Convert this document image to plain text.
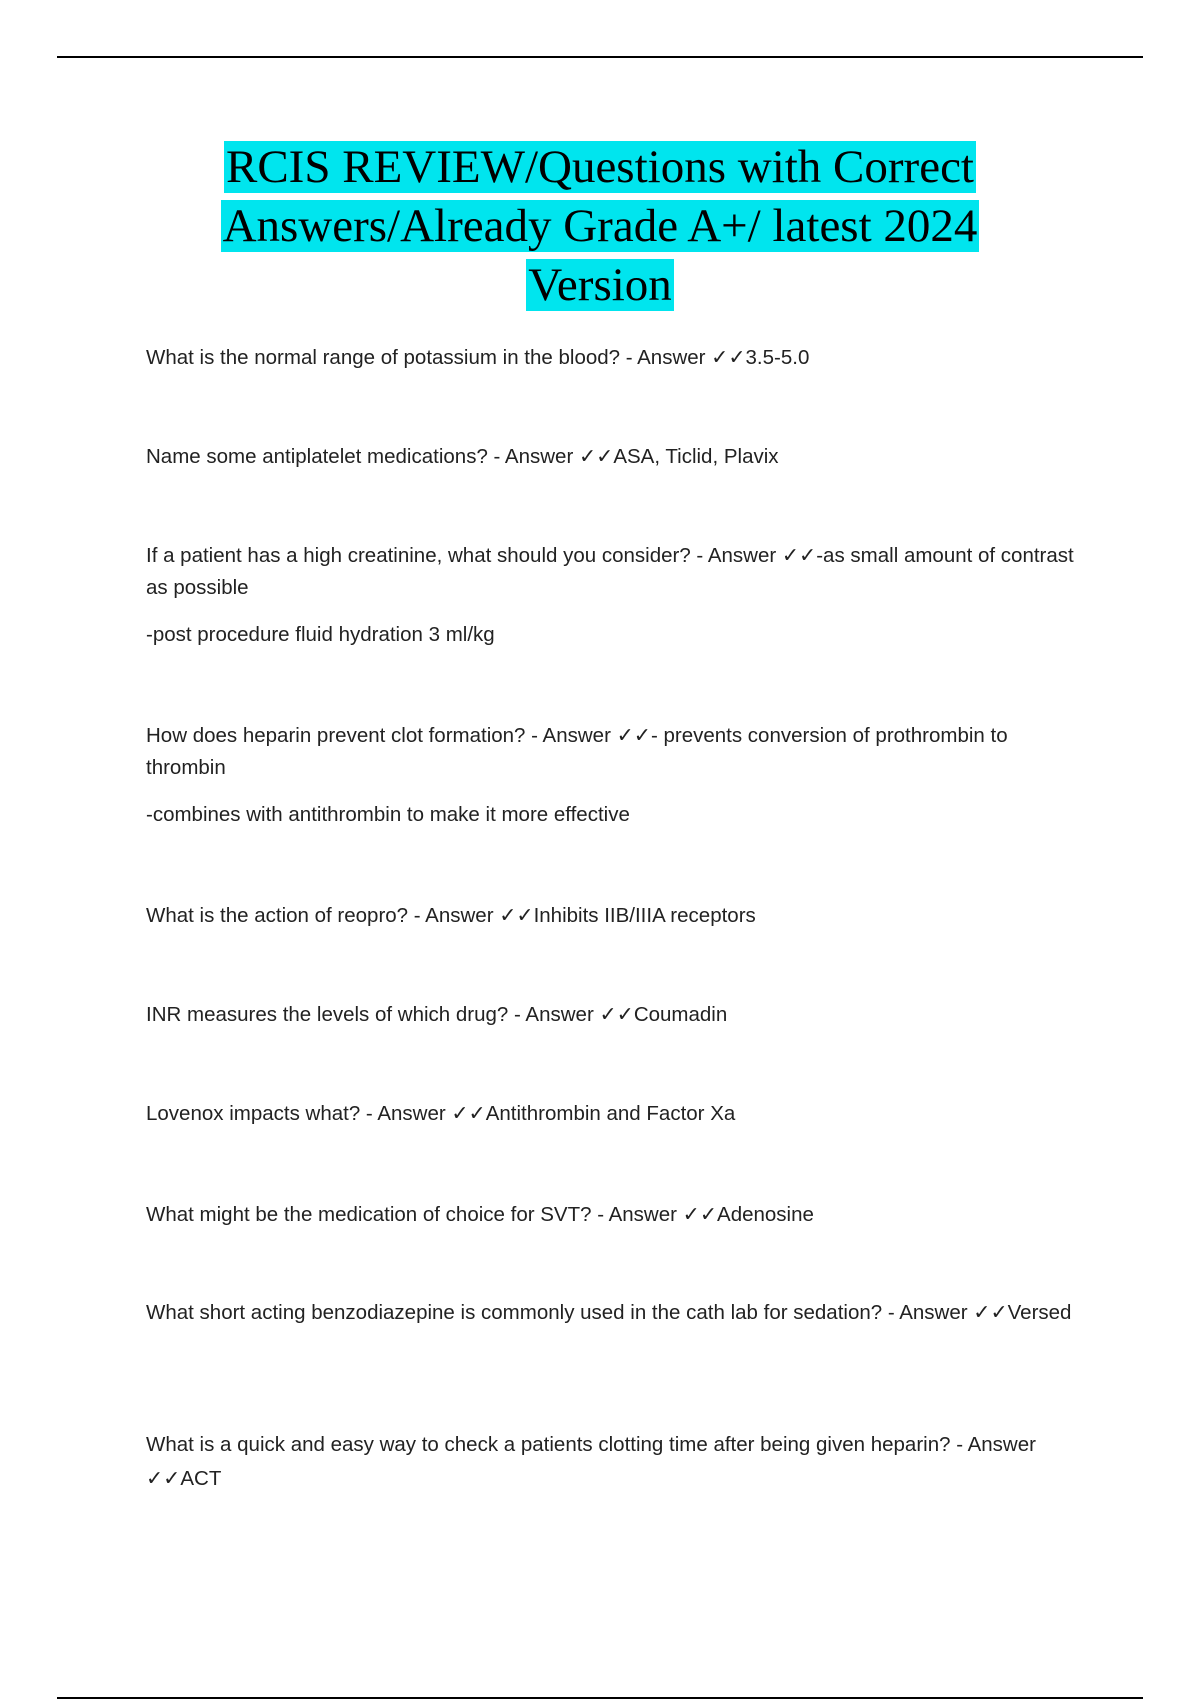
RCIS REVIEW/Questions with Correct
Answers/Already Grade A+/ latest 2024
Version

What is the normal range of potassium in the blood? - Answer ✓✓3.5-5.0

Name some antiplatelet medications? - Answer ✓✓ASA, Ticlid, Plavix

If a patient has a high creatinine, what should you consider? - Answer ✓✓-as small amount of contrast as possible

-post procedure fluid hydration 3 ml/kg

How does heparin prevent clot formation? - Answer ✓✓- prevents conversion of prothrombin to thrombin

-combines with antithrombin to make it more effective

What is the action of reopro? - Answer ✓✓Inhibits IIB/IIIA receptors

INR measures the levels of which drug? - Answer ✓✓Coumadin

Lovenox impacts what? - Answer ✓✓Antithrombin and Factor Xa

What might be the medication of choice for SVT? - Answer ✓✓Adenosine

What short acting benzodiazepine is commonly used in the cath lab for sedation? - Answer ✓✓Versed

What is a quick and easy way to check a patients clotting time after being given heparin? - Answer ✓✓ACT
